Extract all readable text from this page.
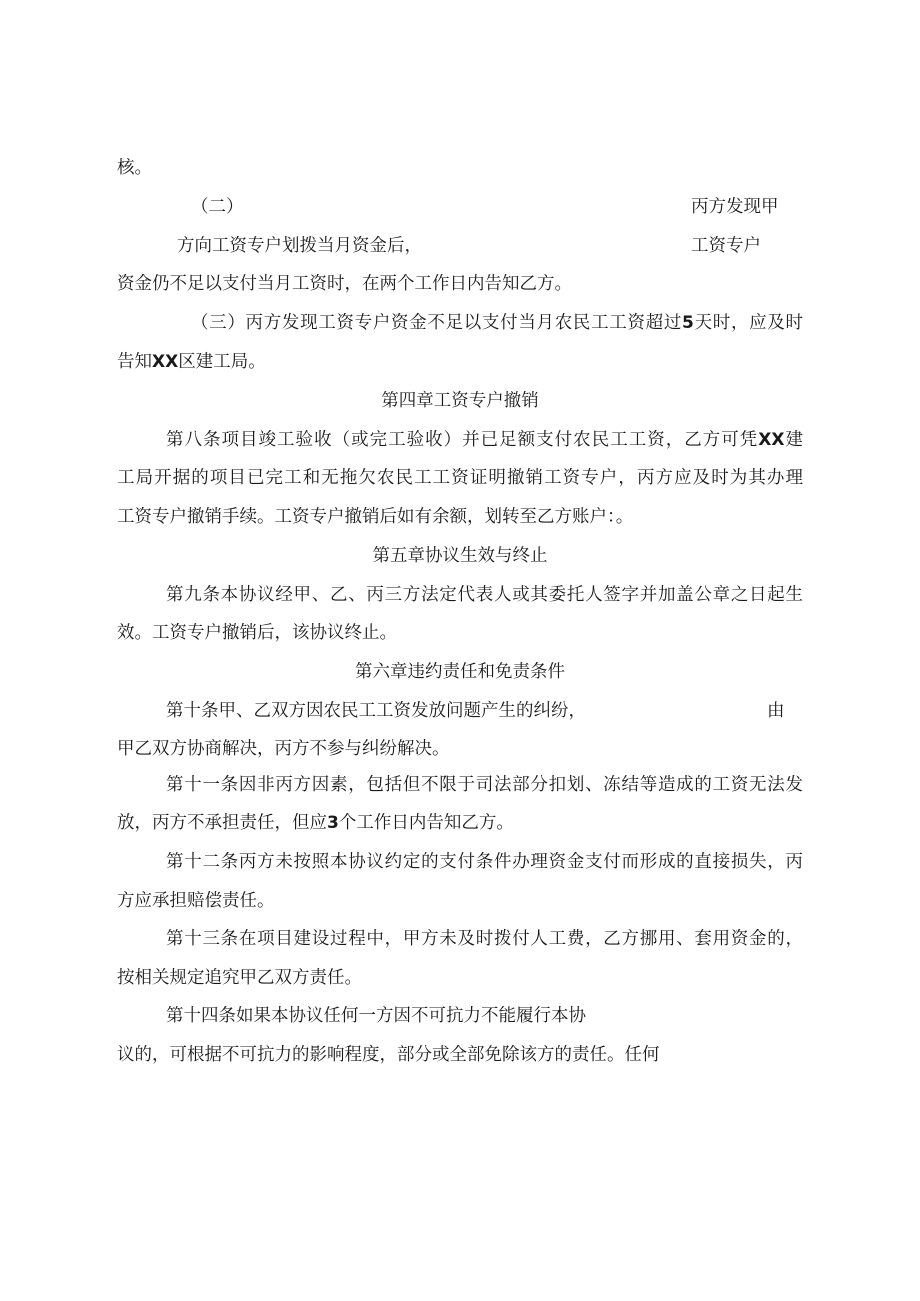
核。
（二）	丙方发现甲
方向工资专户划拨当月资金后，	工资专户
资金仍不足以支付当月工资时，在两个工作日内告知乙方。
（三）丙方发现工资专户资金不足以支付当月农民工工资超过5天时，应及时
告知XX区建工局。
第四章工资专户撤销
第八条项目竣工验收（或完工验收）并已足额支付农民工工资，乙方可凭XX建
工局开据的项目已完工和无拖欠农民工工资证明撤销工资专户，丙方应及时为其办理
工资专户撤销手续。工资专户撤销后如有余额，划转至乙方账户：。
第五章协议生效与终止
第九条本协议经甲、乙、丙三方法定代表人或其委托人签字并加盖公章之日起生
效。工资专户撤销后，该协议终止。
第六章违约责任和免责条件
第十条甲、乙双方因农民工工资发放问题产生的纠纷，	由
甲乙双方协商解决，丙方不参与纠纷解决。
第十一条因非丙方因素，包括但不限于司法部分扣划、冻结等造成的工资无法发
放，丙方不承担责任，但应3个工作日内告知乙方。
第十二条丙方未按照本协议约定的支付条件办理资金支付而形成的直接损失，丙
方应承担赔偿责任。
第十三条在项目建设过程中，甲方未及时拨付人工费，乙方挪用、套用资金的，
按相关规定追究甲乙双方责任。
第十四条如果本协议任何一方因不可抗力不能履行本协
议的，可根据不可抗力的影响程度，部分或全部免除该方的责任。任何
